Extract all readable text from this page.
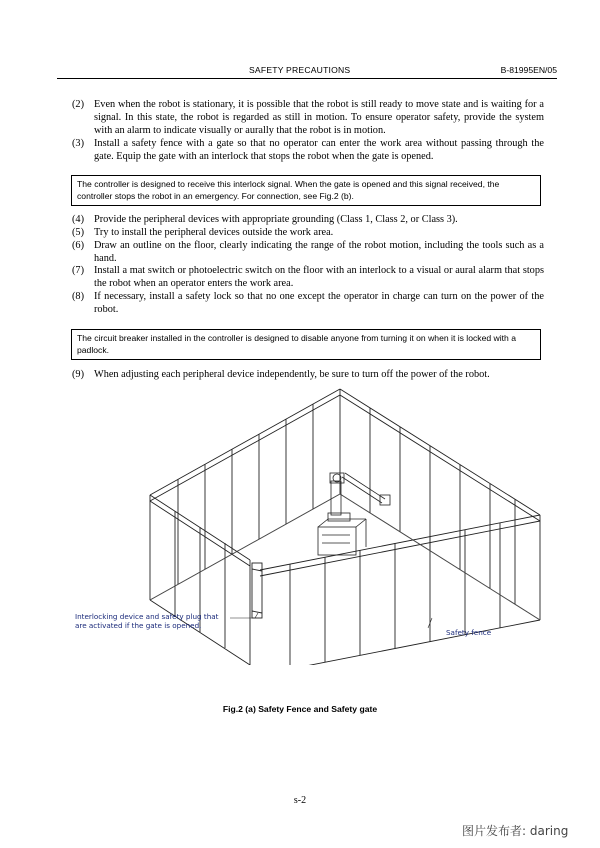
SAFETY PRECAUTIONS	B-81995EN/05
(2) Even when the robot is stationary, it is possible that the robot is still ready to move state and is waiting for a signal. In this state, the robot is regarded as still in motion. To ensure operator safety, provide the system with an alarm to indicate visually or aurally that the robot is in motion.
(3) Install a safety fence with a gate so that no operator can enter the work area without passing through the gate. Equip the gate with an interlock that stops the robot when the gate is opened.
The controller is designed to receive this interlock signal. When the gate is opened and this signal received, the controller stops the robot in an emergency. For connection, see Fig.2 (b).
(4) Provide the peripheral devices with appropriate grounding (Class 1, Class 2, or Class 3).
(5) Try to install the peripheral devices outside the work area.
(6) Draw an outline on the floor, clearly indicating the range of the robot motion, including the tools such as a hand.
(7) Install a mat switch or photoelectric switch on the floor with an interlock to a visual or aural alarm that stops the robot when an operator enters the work area.
(8) If necessary, install a safety lock so that no one except the operator in charge can turn on the power of the robot.
The circuit breaker installed in the controller is designed to disable anyone from turning it on when it is locked with a padlock.
(9) When adjusting each peripheral device independently, be sure to turn off the power of the robot.
Interlocking device and safety plug that are activated if the gate is opened.
Safety fence
Fig.2 (a) Safety Fence and Safety gate
s-2
图片发布者: daring
